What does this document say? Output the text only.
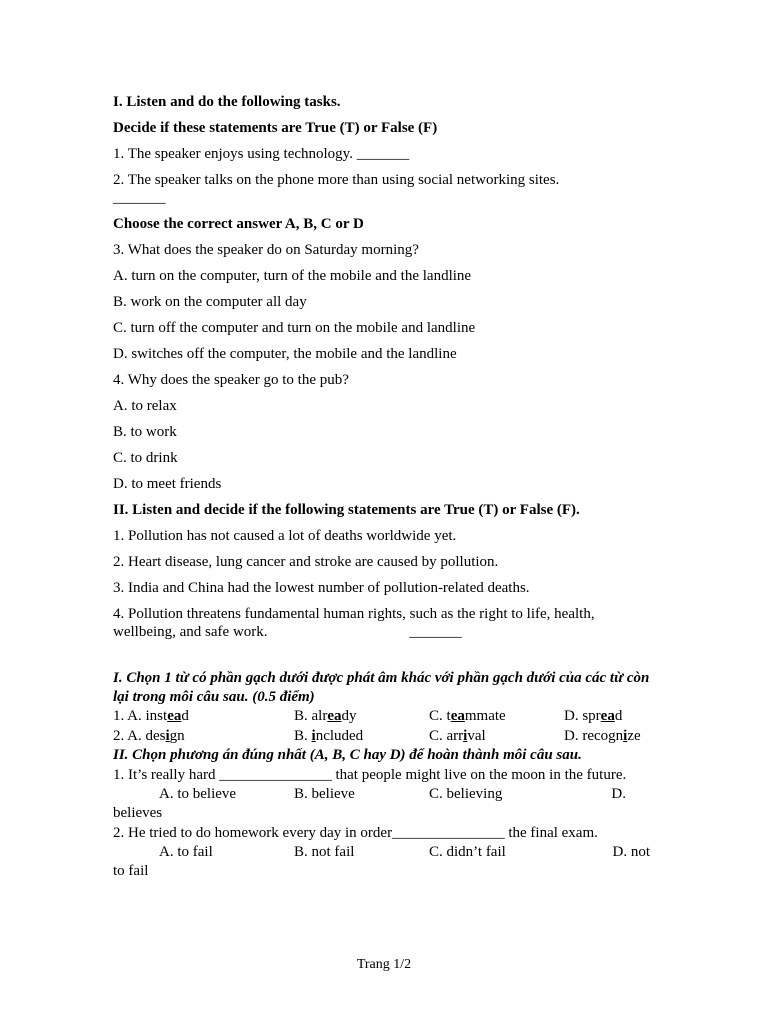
I. Listen and do the following tasks.

Decide if these statements are True (T) or False (F)

1. The speaker enjoys using technology. _______

2. The speaker talks on the phone more than using social networking sites.

_______

Choose the correct answer A, B, C or D

3. What does the speaker do on Saturday morning?

A. turn on the computer, turn of the mobile and the landline

B. work on the computer all day

C. turn off the computer and turn on the mobile and landline

D. switches off the computer, the mobile and the landline

4. Why does the speaker go to the pub?

A. to relax

B. to work

C. to drink

D. to meet friends

II. Listen and decide if the following statements are True (T) or False (F).

1. Pollution has not caused a lot of deaths worldwide yet.

2. Heart disease, lung cancer and stroke are caused by pollution.

3. India and China had the lowest number of pollution-related deaths.

4. Pollution threatens fundamental human rights, such as the right to life, health, wellbeing, and safe work.	_______

I. Chọn 1 từ có phần gạch dưới được phát âm khác với phần gạch dưới của các từ còn lại trong môi câu sau. (0.5 điểm)

1. A. instead	B. already	C. teammate	D. spread
2. A. design	B. included	C. arrival	D. recognize

II. Chọn phương án đúng nhất (A, B, C hay D) để hoàn thành môi câu sau.

1. It’s really hard _______________ that people might live on the moon in the future.

A. to believe	B. believe	C. believing	D.

believes

2. He tried to do homework every day in order_______________ the final exam.

A. to fail	B. not fail	C. didn’t fail	D. not

to fail

Trang 1/2
